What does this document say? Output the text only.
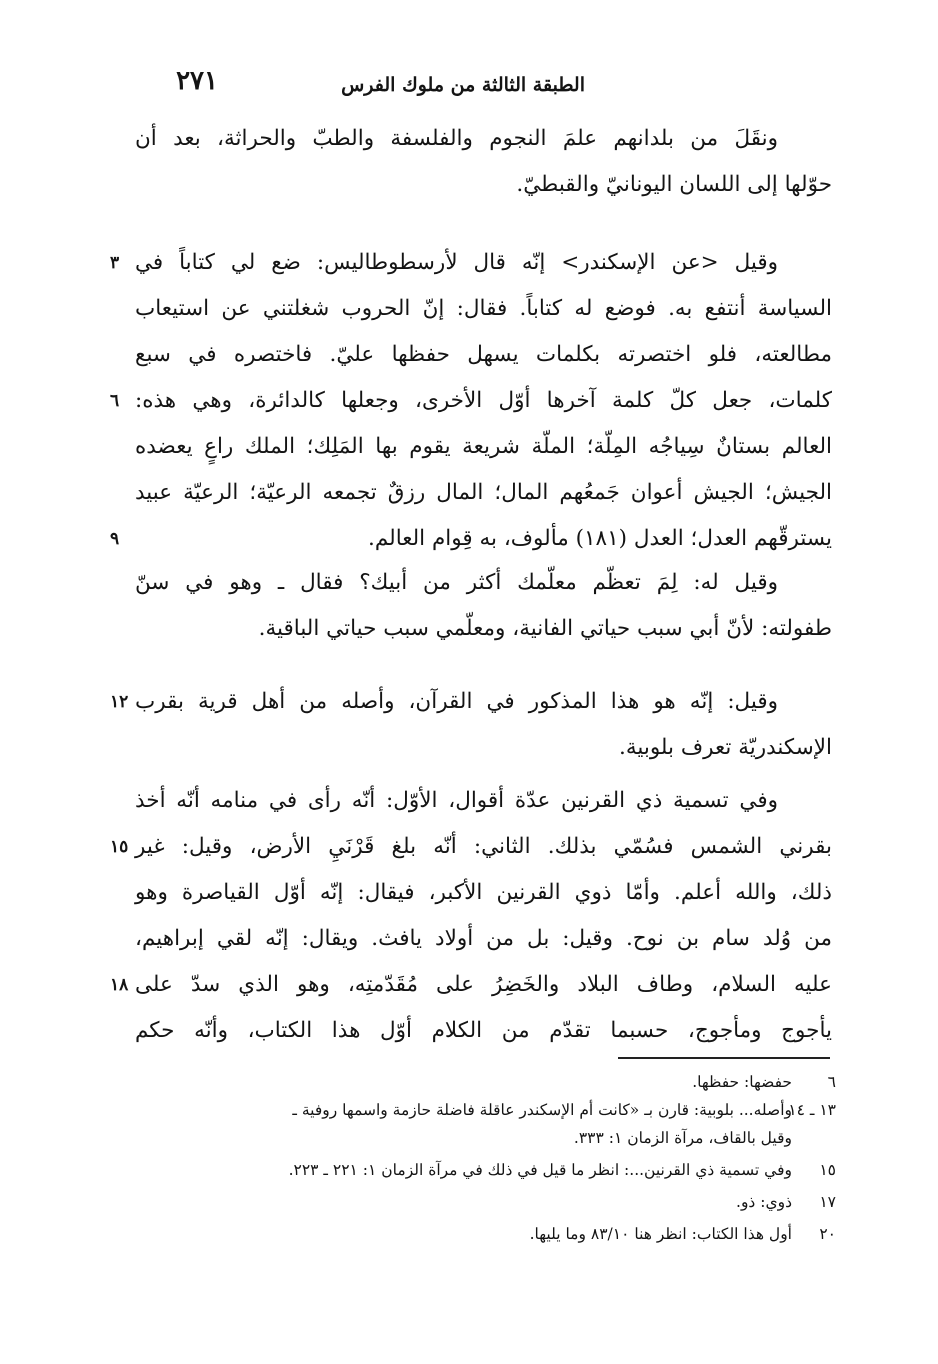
الطبقة الثالثة من ملوك الفرس
٢٧١
ونقَلَ من بلدانهم علمَ النجوم والفلسفة والطبّ والحراثة، بعد أن
حوّلها إلى اللسان اليونانيّ والقبطيّ.
وقيل <عن الإسكندر> إنّه قال لأرسطوطاليس: ضع لي كتاباً في
٣
السياسة أنتفع به. فوضع له كتاباً. فقال: إنّ الحروب شغلتني عن استيعاب
مطالعته، فلو اختصرته بكلمات يسهل حفظها عليّ. فاختصره في سبع
كلمات، جعل كلّ كلمة آخرها أوّل الأخرى، وجعلها كالدائرة، وهي هذه:
٦
العالم بستانٌ سِياجُه المِلّة؛ الملّة شريعة يقوم بها المَلِك؛ الملك راعٍ يعضده
الجيش؛ الجيش أعوان جَمعُهم المال؛ المال رزقٌ تجمعه الرعيّة؛ الرعيّة عبيد
يسترقّهم العدل؛ العدل (١٨١) مألوف، به قِوام العالم.
٩
وقيل له: لِمَ تعظّم معلّمك أكثر من أبيك؟ فقال ـ وهو في سنّ
طفولته: لأنّ أبي سبب حياتي الفانية، ومعلّمي سبب حياتي الباقية.
وقيل: إنّه هو هذا المذكور في القرآن، وأصله من أهل قرية بقرب
١٢
الإسكندريّة تعرف بلوبية.
وفي تسمية ذي القرنين عدّة أقوال، الأوّل: أنّه رأى في منامه أنّه أخذ
بقرني الشمس فسُمّي بذلك. الثاني: أنّه بلغ قَرْنَيِ الأرض، وقيل: غير
١٥
ذلك، والله أعلم. وأمّا ذوي القرنين الأكبر، فيقال: إنّه أوّل القياصرة وهو
من وُلد سام بن نوح. وقيل: بل من أولاد يافث. ويقال: إنّه لقي إبراهيم،
عليه السلام، وطاف البلاد والخَضِرُ على مُقَدّمتِه، وهو الذي سدّ على
١٨
يأجوج ومأجوج، حسبما تقدّم من الكلام أوّل هذا الكتاب، وأنّه حكم
٦
حفضها: حفظها.
١٣ ـ ١٤
وأصله... بلوبية: قارن بـ «كانت أم الإسكندر عاقلة فاضلة حازمة واسمها روفية ـ
وقيل بالقاف، مرآة الزمان ١: ٣٣٣.
١٥
وفي تسمية ذي القرنين...: انظر ما قيل في ذلك في مرآة الزمان ١: ٢٢١ ـ ٢٢٣.
١٧
ذوي: ذو.
٢٠
أول هذا الكتاب: انظر هنا ٨٣/١٠ وما يليها.
